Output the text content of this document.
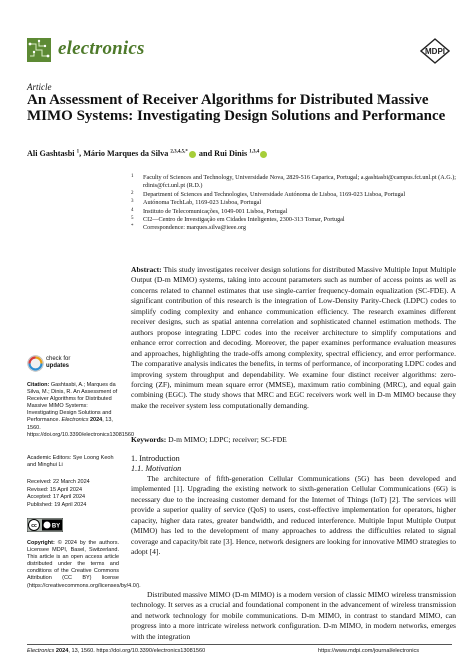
electronics	MDPI
Article
An Assessment of Receiver Algorithms for Distributed Massive MIMO Systems: Investigating Design Solutions and Performance
Ali Gashtasbi $^1$, Mário Marques da Silva $^{2,3,4,5,*}$ and Rui Dinis $^{1,3,4}$
1 Faculty of Sciences and Technology, Universidade Nova, 2829-516 Caparica, Portugal; a.gashtasbi@campus.fct.unl.pt (A.G.); rdinis@fct.unl.pt (R.D.)
2 Department of Sciences and Technologies, Universidade Autónoma de Lisboa, 1169-023 Lisboa, Portugal
3 Autónoma TechLab, 1169-023 Lisboa, Portugal
4 Instituto de Telecomunicações, 1049-001 Lisboa, Portugal
5 CI2—Centro de Investigação em Cidades Inteligentes, 2300-313 Tomar, Portugal
* Correspondence: marques.silva@ieee.org
Abstract: This study investigates receiver design solutions for distributed Massive Multiple Input Multiple Output (D-m MIMO) systems, taking into account parameters such as number of access points as well as concerns related to channel estimates that use single-carrier frequency-domain equalization (SC-FDE). A significant contribution of this research is the integration of Low-Density Parity-Check (LDPC) codes to simplify coding complexity and enhance communication efficiency. The research examines different receiver designs, such as spatial antenna correlation and sophisticated channel estimation methods. The authors propose integrating LDPC codes into the receiver architecture to simplify computations and enhance error correction and decoding. Moreover, the paper examines performance evaluation measures and approaches, highlighting the trade-offs among complexity, spectral efficiency, and error performance. The comparative analysis indicates the benefits, in terms of performance, of incorporating LDPC codes and improving system throughput and dependability. We examine four distinct receiver algorithms: zero-forcing (ZF), minimum mean square error (MMSE), maximum ratio combining (MRC), and equal gain combining (EGC). The study shows that MRC and EGC receivers work well in D-m MIMO because they make the receiver system less computationally demanding.
Keywords: D-m MIMO; LDPC; receiver; SC-FDE
1. Introduction
1.1. Motivation
The architecture of fifth-generation Cellular Communications (5G) has been developed and implemented [1]. Upgrading the existing network to sixth-generation Cellular Communications (6G) is necessary due to the increasing customer demand for the Internet of Things (IoT) [2]. The services will provide a superior quality of service (QoS) to users, cost-effective implementation for operators, higher capacity, higher data rates, greater bandwidth, and reduced interference. Multiple Input Multiple Output (MIMO) has led to the development of many approaches to address the difficulties related to signal coverage and capacity/bit rate [3]. Hence, network designers are looking for innovative MIMO strategies to adopt [4].
Distributed massive MIMO (D-m MIMO) is a modern version of classic MIMO wireless transmission technology. It serves as a crucial and foundational component in the advancement of wireless transmission and network technology for mobile communications. D-m MIMO, in contrast to standard MIMO, can progress into a more intricate wireless network configuration. D-m MIMO, in modern networks, emerges with the integration
check for
updates
Citation: Gashtasbi, A.; Marques da Silva, M.; Dinis, R. An Assessment of Receiver Algorithms for Distributed Massive MIMO Systems: Investigating Design Solutions and Performance. Electronics 2024, 13, 1560. https://doi.org/10.3390/electronics13081560
Academic Editors: Sye Loong Keoh and Minghui Li
Received: 22 March 2024
Revised: 15 April 2024
Accepted: 17 April 2024
Published: 19 April 2024
cc	BY
Copyright: © 2024 by the authors. Licensee MDPI, Basel, Switzerland. This article is an open access article distributed under the terms and conditions of the Creative Commons Attribution (CC BY) license (https://creativecommons.org/licenses/by/4.0/).
Electronics 2024, 13, 1560. https://doi.org/10.3390/electronics13081560	https://www.mdpi.com/journal/electronics
